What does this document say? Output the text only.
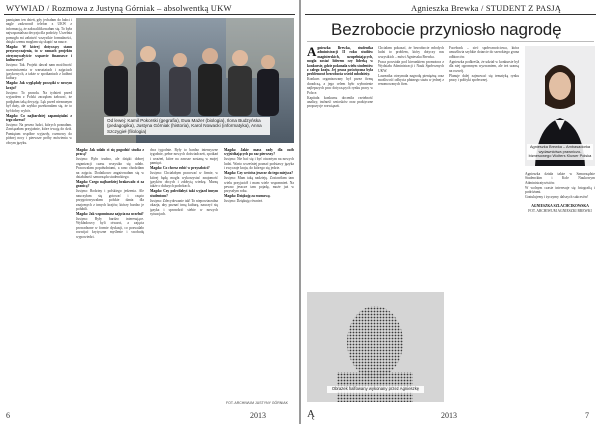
WYWIAD / Rozmowa z Justyną Górniak – absolwentką UKW

pamiętam ten dzień, gdy jechałam do babci i nagle zadzwonił telefon z UKW z informacją, że zakwalifikowałam się. To była najwspanialsza decyzja dla podróży. Uczelnia pomogła mi załatwić wszystkie formalności, dzięki czemu mogłam się skupić na nauce.

Magda: W której dotyczący stanu przyzwyczajenia, to w ramach projektu otrzymywałyście wsparcie finansowe i kulturowe?

Justyna: Tak. Projekt dawał nam możliwość uczestniczenia w warsztatach i zajęciach językowych, a także w spotkaniach z ludźmi kultury.

Magda: Jak wyglądały początki w nowym kraju?

Justyna: To prawda. Na tydzień przed wyjazdem z Polski zaczęłam żałować, że podjęłam taką decyzję. Lęk przed nieznanym był duży, ale szybko przekonałam się, że to był dobry wybór.

Magda: Co najbardziej zapamiętałaś z tego okresu?

Justyna: Na pewno ludzi, których poznałam. Zawiązałam przyjaźnie, które trwają do dziś. Pamiętam wspólne wyjazdy, rozmowy do późnej nocy i pierwsze próby mówienia w obcym języku.

Od lewej: Kamil Pokorski (gegrafia), Ewa Mażer (biologia), Ilona Budzyńska (pedagogika), Justyna Górniak (historia), Karol Nowacki (informatyka), Anna Szczygieł (filologia)

Magda: Jak udało ci się pogodzić studia z pracą?

Justyna: Było trudno, ale dzięki dobrej organizacji czasu wszystko się udało. Pracowałam popołudniami, a rano chodziłam na zajęcia. Dodatkowo angażowałam się w działalność samorządu studenckiego.

Magda: Czego najbardziej brakowało ci za granicą?

Justyna: Rodziny i polskiego jedzenia. Ale nauczyłam się gotować i często przygotowywałam polskie dania dla znajomych z innych krajów, którzy bardzo je polubili.

Magda: Jak wspominasz zajęcia na uczelni?

Justyna: Były bardzo interesujące. Wykładowcy byli otwarci, a zajęcia prowadzone w formie dyskusji, co pozwalało rozwijać krytyczne myślenie i swobodę wypowiedzi.

dwa tygodnie. Były to bardzo intensywne tygodnie, pełne nowych doświadczeń, spotkań i wrażeń, które na zawsze zostaną w mojej pamięci.

Magda: Co chcesz robić w przyszłości?

Justyna: Chciałabym pracować w firmie, w której będę mogła wykorzystać znajomość języków obcych i zdobytą wiedzę. Marzę także o dalszych podróżach.

Magda: Czy poleciłabyś taki wyjazd innym studentom?

Justyna: Zdecydowanie tak! To niepowtarzalna okazja, aby poznać inną kulturę, nauczyć się języka i sprawdzić siebie w nowych sytuacjach.

Magda: Jakie masz rady dla osób wyjeżdżających po raz pierwszy?

Justyna: Nie bać się i być otwartym na nowych ludzi. Warto wcześniej poznać podstawy języka i zwyczaje kraju, do którego się jedzie.

Magda: Czy wrócisz jeszcze do tego miejsca?

Justyna: Mam taką nadzieję. Zostawiłam tam wielu przyjaciół i mam wiele wspomnień. Na pewno jeszcze tam pojadę, może już w przyszłym roku.

Magda: Dziękuję za rozmowę.

Justyna: Dziękuję również.

FOT. ARCHIWUM JUSTYNY GÓRNIAK
6	2013
Agnieszka Brewka / STUDENT Z PASJĄ
Bezrobocie przyniosło nagrodę

A gnieszka Brewka, studentka administracji II roku studiów magisterskich, uzupełniających, mogła zostać liderem czy liderką w konkursie, gdzie pokonała wielu studentów z całego kraju. Jej praca poświęcona była problemowi bezrobocia wśród młodzieży.

Konkurs organizowany był przez firmę doradczą, a jego celem było wyłonienie najlepszych prac dotyczących rynku pracy w Polsce.

Kapituła konkursu doceniła rzetelność analizy, trafność wniosków oraz praktyczne propozycje rozwiązań.

Chciałam pokazać, że bezrobocie młodych ludzi to problem, który dotyczy nas wszystkich – mówi Agnieszka Brewka.

Praca powstała pod kierunkiem promotora z Wydziału Administracji i Nauk Społecznych UKW.

Laureatka otrzymała nagrodę pieniężną oraz możliwość odbycia płatnego stażu w jednej z renomowanych firm.

Facebook – sieć społecznościowa, która umożliwia szybkie dotarcie do szerokiego grona odbiorców.

Agnieszka podkreśla, że udział w konkursie był dla niej ogromnym wyzwaniem, ale też szansą na rozwój.

Planuje dalej zajmować się tematyką rynku pracy i polityki społecznej.

Agnieszka Brewka – Ambasadorka wydawnictwa prawniczo-biznesowego Wolters Kluwer Polska

Agnieszka działa także w Samorządzie Studenckim i Kole Naukowym Administratywistów.

W wolnym czasie interesuje się fotografią i podróżami.

Gratulujemy i życzymy dalszych sukcesów!

AGNIESZKA SZLACHCIKOWSKA

FOT. ARCHIWUM AGNIESZKI BREWKI

Obrazek halfowany wykonany przez Agnieszkę
Ą	2013	7
